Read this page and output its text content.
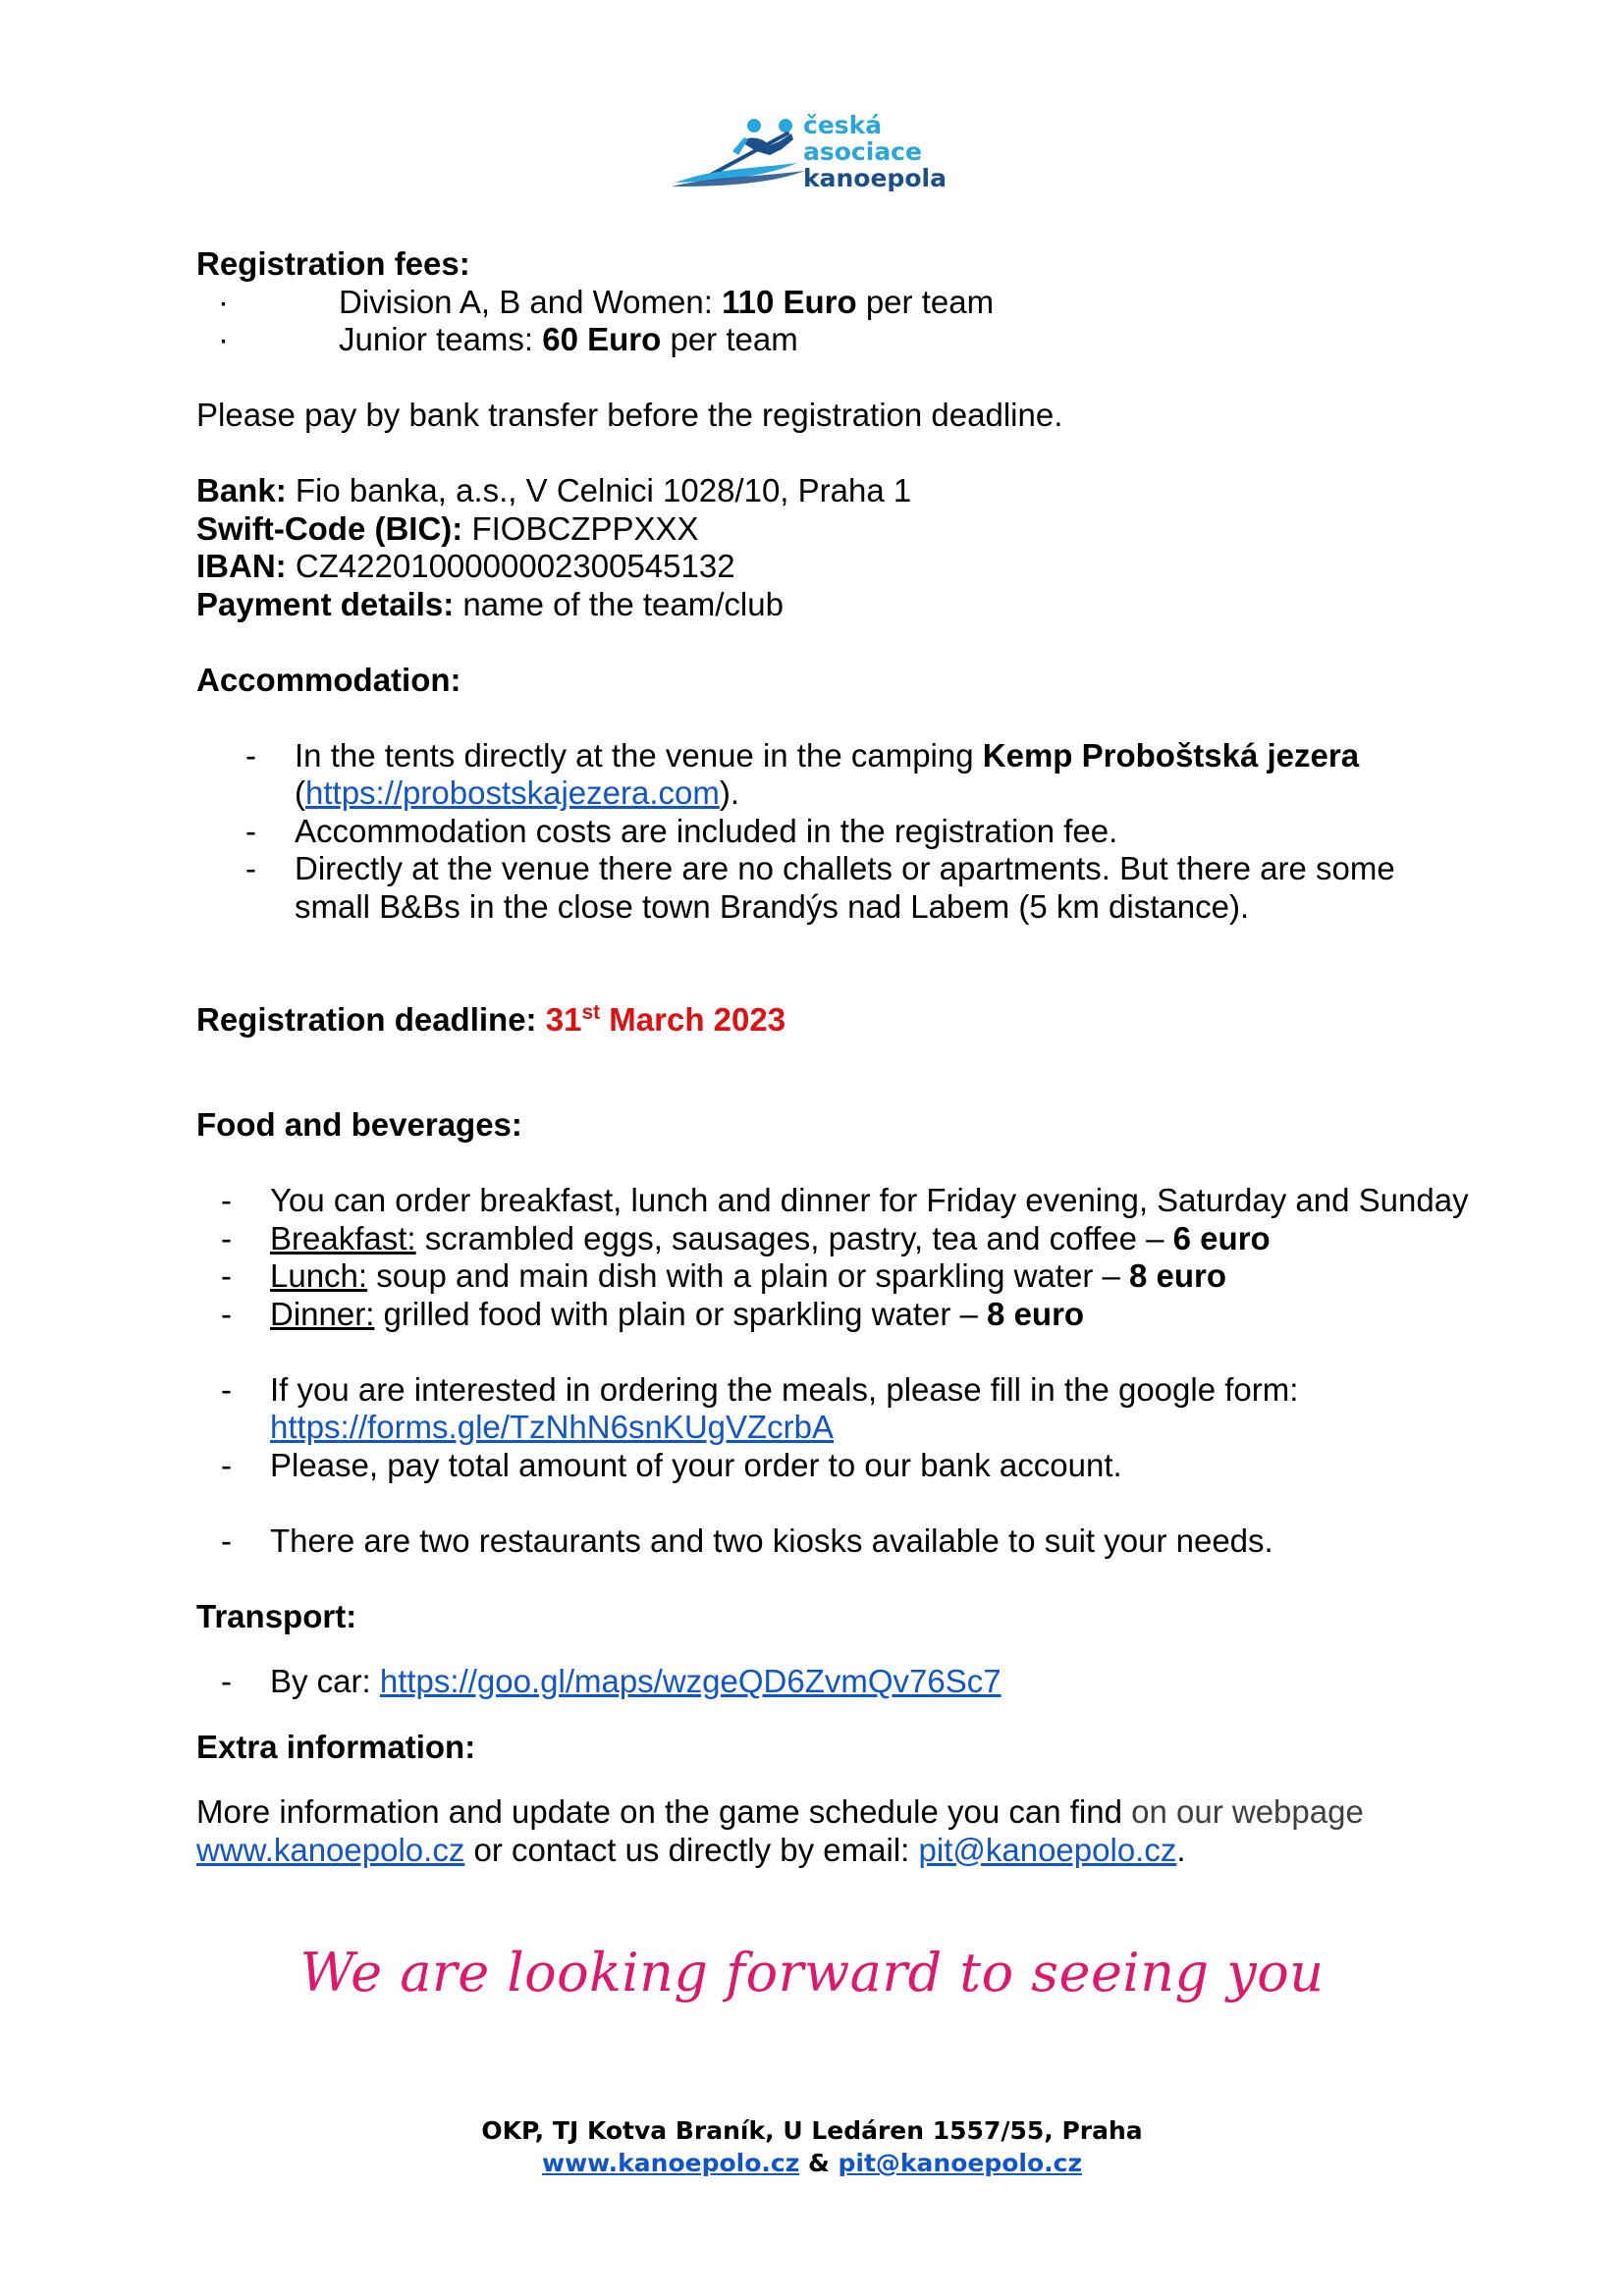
česká
asociace
kanoepola
Registration fees:
·	Division A, B and Women: 110 Euro per team
·	Junior teams: 60 Euro per team
Please pay by bank transfer before the registration deadline.
Bank: Fio banka, a.s., V Celnici 1028/10, Praha 1
Swift-Code (BIC): FIOBCZPPXXX
IBAN: CZ4220100000002300545132
Payment details: name of the team/club
Accommodation:
-	In the tents directly at the venue in the camping Kemp Proboštská jezera
(https://probostskajezera.com).
-	Accommodation costs are included in the registration fee.
-	Directly at the venue there are no challets or apartments. But there are some small B&Bs in the close town Brandýs nad Labem (5 km distance).
Registration deadline: 31st March 2023
Food and beverages:
-	You can order breakfast, lunch and dinner for Friday evening, Saturday and Sunday
-	Breakfast: scrambled eggs, sausages, pastry, tea and coffee – 6 euro
-	Lunch: soup and main dish with a plain or sparkling water – 8 euro
-	Dinner: grilled food with plain or sparkling water – 8 euro
-	If you are interested in ordering the meals, please fill in the google form:
https://forms.gle/TzNhN6snKUgVZcrbA
-	Please, pay total amount of your order to our bank account.
-	There are two restaurants and two kiosks available to suit your needs.
Transport:
-	By car: https://goo.gl/maps/wzgeQD6ZvmQv76Sc7
Extra information:
More information and update on the game schedule you can find on our webpage
www.kanoepolo.cz or contact us directly by email: pit@kanoepolo.cz.
We are looking forward to seeing you
OKP, TJ Kotva Braník, U Ledáren 1557/55, Praha
www.kanoepolo.cz & pit@kanoepolo.cz
